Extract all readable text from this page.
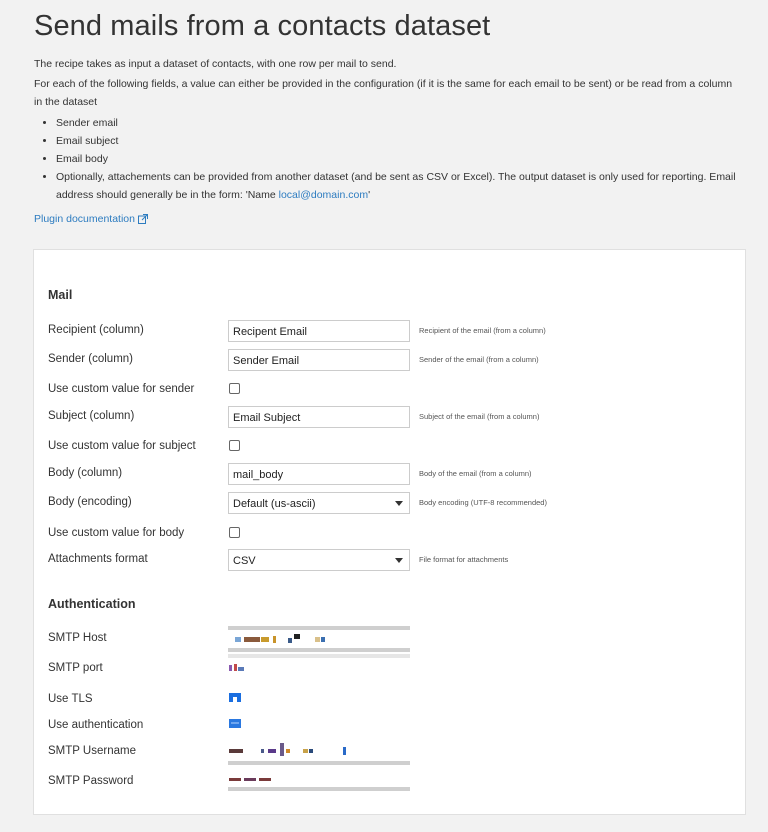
Send mails from a contacts dataset
The recipe takes as input a dataset of contacts, with one row per mail to send.
For each of the following fields, a value can either be provided in the configuration (if it is the same for each email to be sent) or be read from a column in the dataset
• Sender email
• Email subject
• Email body
• Optionally, attachements can be provided from another dataset (and be sent as CSV or Excel). The output dataset is only used for reporting. Email address should generally be in the form: 'Name local@domain.com'
Plugin documentation
Mail
Recipient (column)	Recipent Email	Recipient of the email (from a column)
Sender (column)	Sender Email	Sender of the email (from a column)
Use custom value for sender
Subject (column)	Email Subject	Subject of the email (from a column)
Use custom value for subject
Body (column)	mail_body	Body of the email (from a column)
Body (encoding)	Default (us-ascii)	Body encoding (UTF-8 recommended)
Use custom value for body
Attachments format	CSV	File format for attachments
Authentication
SMTP Host
SMTP port
Use TLS
Use authentication
SMTP Username
SMTP Password
